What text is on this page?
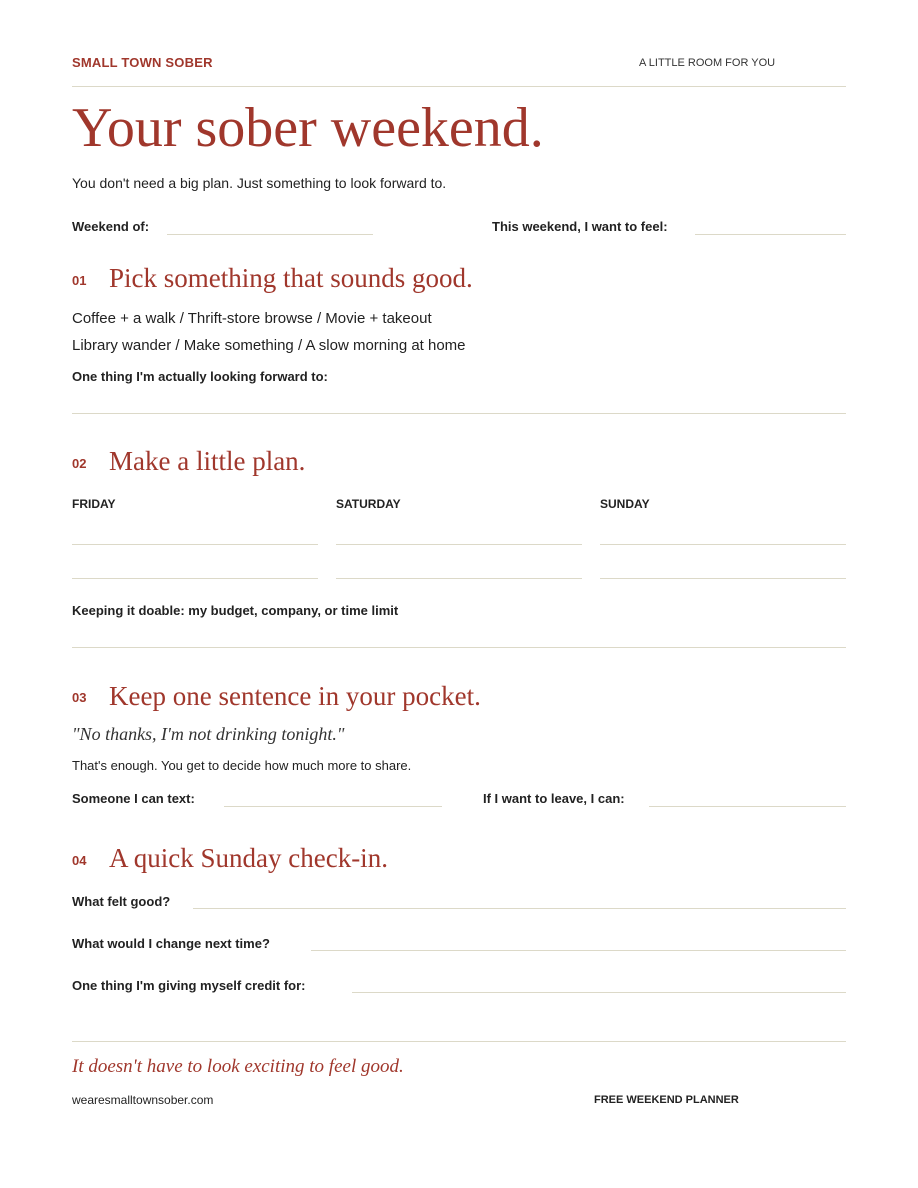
SMALL TOWN SOBER	A LITTLE ROOM FOR YOU
Your sober weekend.
You don't need a big plan. Just something to look forward to.
Weekend of:	This weekend, I want to feel:
01 Pick something that sounds good.
Coffee + a walk / Thrift-store browse / Movie + takeout
Library wander / Make something / A slow morning at home
One thing I'm actually looking forward to:
02 Make a little plan.
FRIDAY	SATURDAY	SUNDAY
Keeping it doable: my budget, company, or time limit
03 Keep one sentence in your pocket.
"No thanks, I'm not drinking tonight."
That's enough. You get to decide how much more to share.
Someone I can text:	If I want to leave, I can:
04 A quick Sunday check-in.
What felt good?
What would I change next time?
One thing I'm giving myself credit for:
It doesn't have to look exciting to feel good.
wearesmalltownsober.com	FREE WEEKEND PLANNER
